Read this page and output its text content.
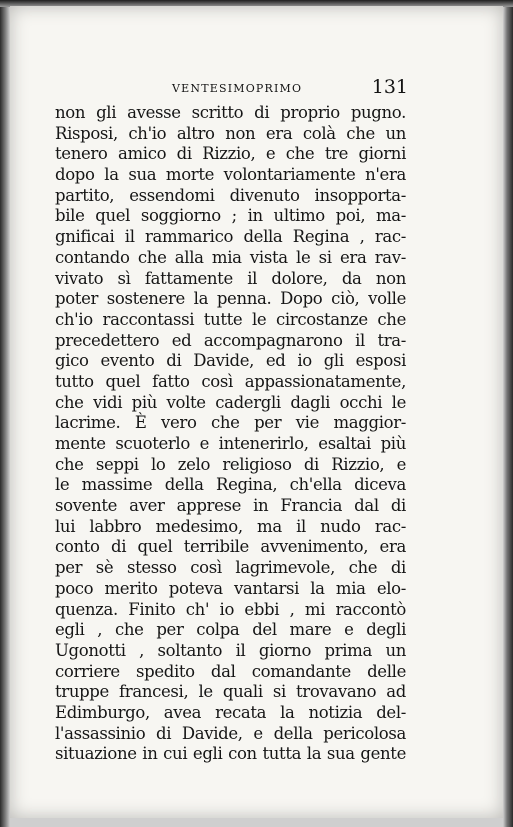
VENTESIMOPRIMO	131
non gli avesse scritto di proprio pugno.
Risposi, ch'io altro non era colà che un
tenero amico di Rizzio, e che tre giorni
dopo la sua morte volontariamente n'era
partito, essendomi divenuto insopporta-
bile quel soggiorno ; in ultimo poi, ma-
gnificai il rammarico della Regina , rac-
contando che alla mia vista le si era rav-
vivato sì fattamente il dolore, da non
poter sostenere la penna. Dopo ciò, volle
ch'io raccontassi tutte le circostanze che
precedettero ed accompagnarono il tra-
gico evento di Davide, ed io gli esposi
tutto quel fatto così appassionatamente,
che vidi più volte cadergli dagli occhi le
lacrime. È vero che per vie maggior-
mente scuoterlo e intenerirlo, esaltai più
che seppi lo zelo religioso di Rizzio, e
le massime della Regina, ch'ella diceva
sovente aver apprese in Francia dal di
lui labbro medesimo, ma il nudo rac-
conto di quel terribile avvenimento, era
per sè stesso così lagrimevole, che di
poco merito poteva vantarsi la mia elo-
quenza. Finito ch' io ebbi , mi raccontò
egli , che per colpa del mare e degli
Ugonotti , soltanto il giorno prima un
corriere spedito dal comandante delle
truppe francesi, le quali si trovavano ad
Edimburgo, avea recata la notizia del-
l'assassinio di Davide, e della pericolosa
situazione in cui egli con tutta la sua gente
